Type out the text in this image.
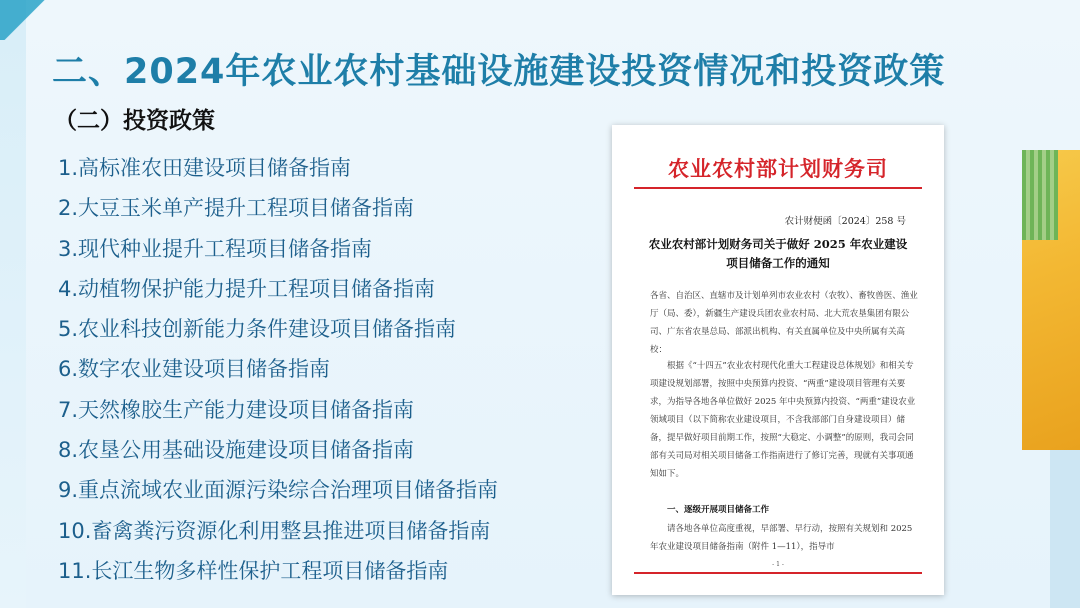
二、2024年农业农村基础设施建设投资情况和投资政策
（二）投资政策
1.高标准农田建设项目储备指南
2.大豆玉米单产提升工程项目储备指南
3.现代种业提升工程项目储备指南
4.动植物保护能力提升工程项目储备指南
5.农业科技创新能力条件建设项目储备指南
6.数字农业建设项目储备指南
7.天然橡胶生产能力建设项目储备指南
8.农垦公用基础设施建设项目储备指南
9.重点流域农业面源污染综合治理项目储备指南
10.畜禽粪污资源化利用整县推进项目储备指南
11.长江生物多样性保护工程项目储备指南
农业农村部计划财务司
农计财便函〔2024〕258 号
农业农村部计划财务司关于做好 2025 年农业建设
项目储备工作的通知
各省、自治区、直辖市及计划单列市农业农村（农牧）、畜牧兽医、渔业厅（局、委），新疆生产建设兵团农业农村局、北大荒农垦集团有限公司、广东省农垦总局、部派出机构、有关直属单位及中央所属有关高校：
根据《“十四五”农业农村现代化重大工程建设总体规划》和相关专项建设规划部署，按照中央预算内投资、“两重”建设项目管理有关要求，为指导各地各单位做好 2025 年中央预算内投资、“两重”建设农业领域项目（以下简称农业建设项目，不含我部部门自身建设项目）储备，提早做好项目前期工作，按照“大稳定、小调整”的原则，我司会同部有关司局对相关项目储备工作指南进行了修订完善，现就有关事项通知如下。
一、逐级开展项目储备工作
请各地各单位高度重视，早部署、早行动，按照有关规划和 2025 年农业建设项目储备指南（附件 1—11），指导市
- 1 -
